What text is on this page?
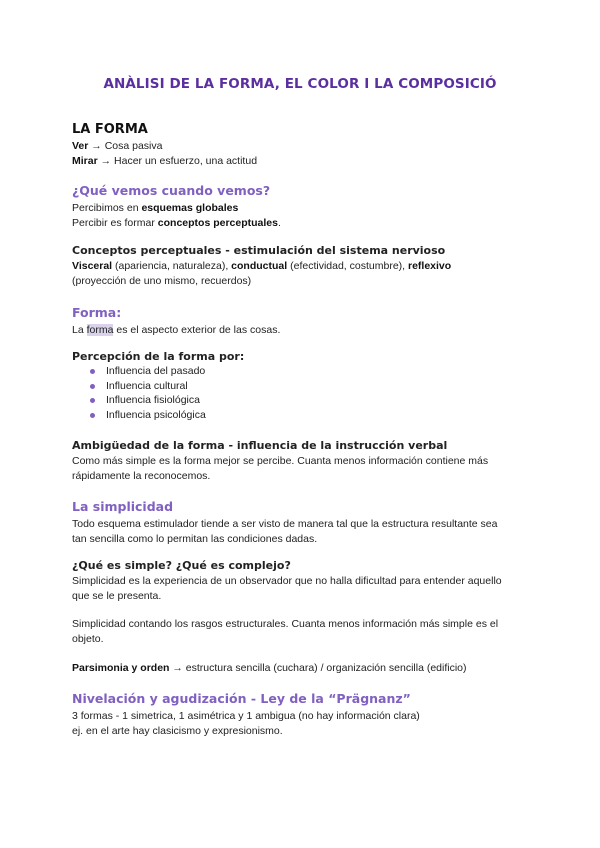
ANÀLISI DE LA FORMA, EL COLOR I LA COMPOSICIÓ
LA FORMA

Ver → Cosa pasiva

Mirar → Hacer un esfuerzo, una actitud

¿Qué vemos cuando vemos?

Percibimos en esquemas globales

Percibir es formar conceptos perceptuales.

Conceptos perceptuales - estimulación del sistema nervioso

Visceral (apariencia, naturaleza), conductual (efectividad, costumbre), reflexivo

(proyección de uno mismo, recuerdos)

Forma:

La forma es el aspecto exterior de las cosas.

Percepción de la forma por:
Influencia del pasado
Influencia cultural
Influencia fisiológica
Influencia psicológica
Ambigüedad de la forma - influencia de la instrucción verbal

Como más simple es la forma mejor se percibe. Cuanta menos información contiene más

rápidamente la reconocemos.

La simplicidad

Todo esquema estimulador tiende a ser visto de manera tal que la estructura resultante sea

tan sencilla como lo permitan las condiciones dadas.

¿Qué es simple? ¿Qué es complejo?

Simplicidad es la experiencia de un observador que no halla dificultad para entender aquello

que se le presenta.

Simplicidad contando los rasgos estructurales. Cuanta menos información más simple es el

objeto.

Parsimonia y orden → estructura sencilla (cuchara) / organización sencilla (edificio)

Nivelación y agudización - Ley de la “Prägnanz”

3 formas - 1 simetrica, 1 asimétrica y 1 ambigua (no hay información clara)

ej. en el arte hay clasicismo y expresionismo.
